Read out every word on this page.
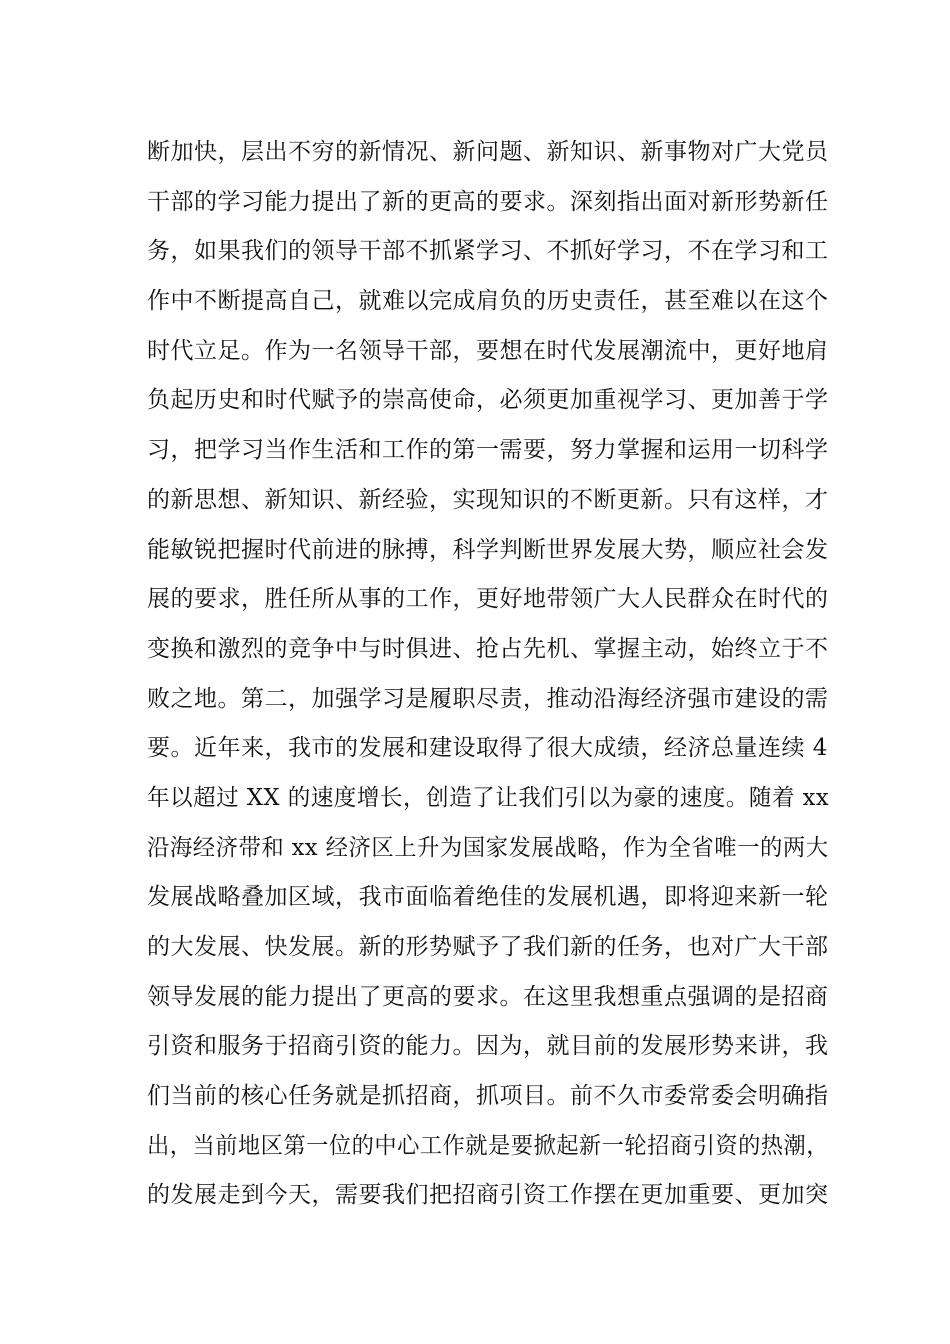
断加快，层出不穷的新情况、新问题、新知识、新事物对广大党员
干部的学习能力提出了新的更高的要求。深刻指出面对新形势新任
务，如果我们的领导干部不抓紧学习、不抓好学习，不在学习和工
作中不断提高自己，就难以完成肩负的历史责任，甚至难以在这个
时代立足。作为一名领导干部，要想在时代发展潮流中，更好地肩
负起历史和时代赋予的崇高使命，必须更加重视学习、更加善于学
习，把学习当作生活和工作的第一需要，努力掌握和运用一切科学
的新思想、新知识、新经验，实现知识的不断更新。只有这样，才
能敏锐把握时代前进的脉搏，科学判断世界发展大势，顺应社会发
展的要求，胜任所从事的工作，更好地带领广大人民群众在时代的
变换和激烈的竞争中与时俱进、抢占先机、掌握主动，始终立于不
败之地。第二，加强学习是履职尽责，推动沿海经济强市建设的需
要。近年来，我市的发展和建设取得了很大成绩，经济总量连续 4
年以超过 XX 的速度增长，创造了让我们引以为豪的速度。随着 xx
沿海经济带和 xx 经济区上升为国家发展战略，作为全省唯一的两大
发展战略叠加区域，我市面临着绝佳的发展机遇，即将迎来新一轮
的大发展、快发展。新的形势赋予了我们新的任务，也对广大干部
领导发展的能力提出了更高的要求。在这里我想重点强调的是招商
引资和服务于招商引资的能力。因为，就目前的发展形势来讲，我
们当前的核心任务就是抓招商，抓项目。前不久市委常委会明确指
出，当前地区第一位的中心工作就是要掀起新一轮招商引资的热潮，
的发展走到今天，需要我们把招商引资工作摆在更加重要、更加突
